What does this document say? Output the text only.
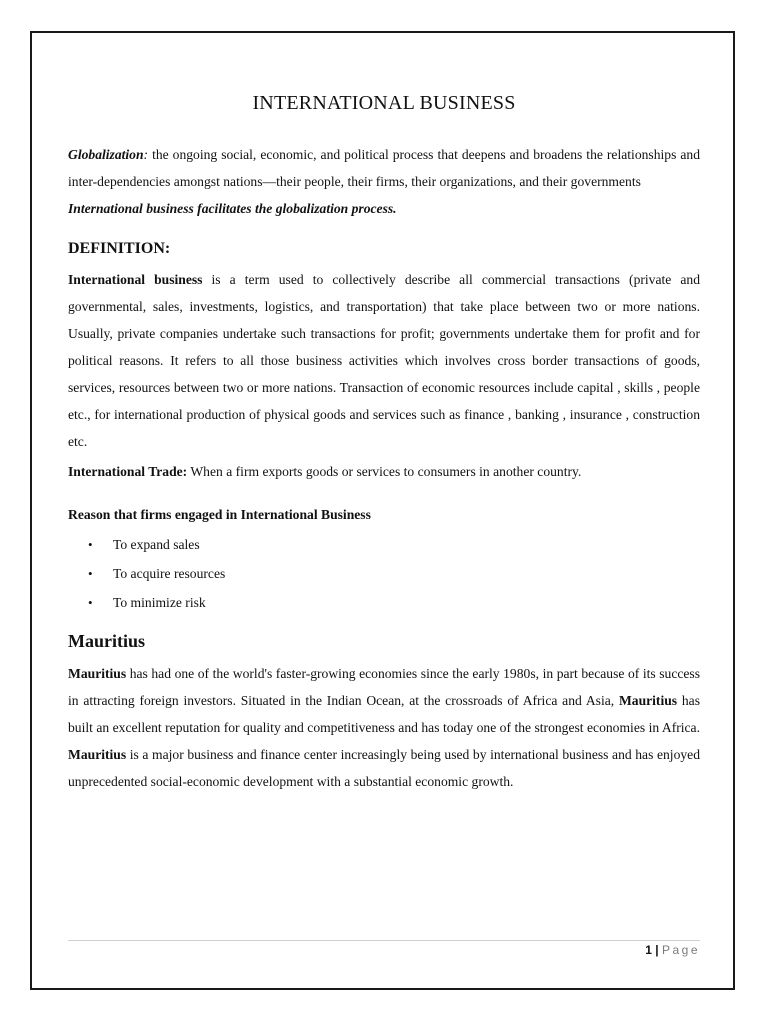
INTERNATIONAL BUSINESS

Globalization: the ongoing social, economic, and political process that deepens and broadens the relationships and inter-dependencies amongst nations—their people, their firms, their organizations, and their governments

International business facilitates the globalization process.

DEFINITION:

International business is a term used to collectively describe all commercial transactions (private and governmental, sales, investments, logistics, and transportation) that take place between two or more nations. Usually, private companies undertake such transactions for profit; governments undertake them for profit and for political reasons. It refers to all those business activities which involves cross border transactions of goods, services, resources between two or more nations. Transaction of economic resources include capital , skills , people etc., for international production of physical goods and services such as finance , banking , insurance , construction etc.

International Trade: When a firm exports goods or services to consumers in another country.

Reason that firms engaged in International Business
• To expand sales
• To acquire resources
• To minimize risk
Mauritius

Mauritius has had one of the world's faster-growing economies since the early 1980s, in part because of its success in attracting foreign investors. Situated in the Indian Ocean, at the crossroads of Africa and Asia, Mauritius has built an excellent reputation for quality and competitiveness and has today one of the strongest economies in Africa. Mauritius is a major business and finance center increasingly being used by international business and has enjoyed unprecedented social-economic development with a substantial economic growth.

1 | Page
